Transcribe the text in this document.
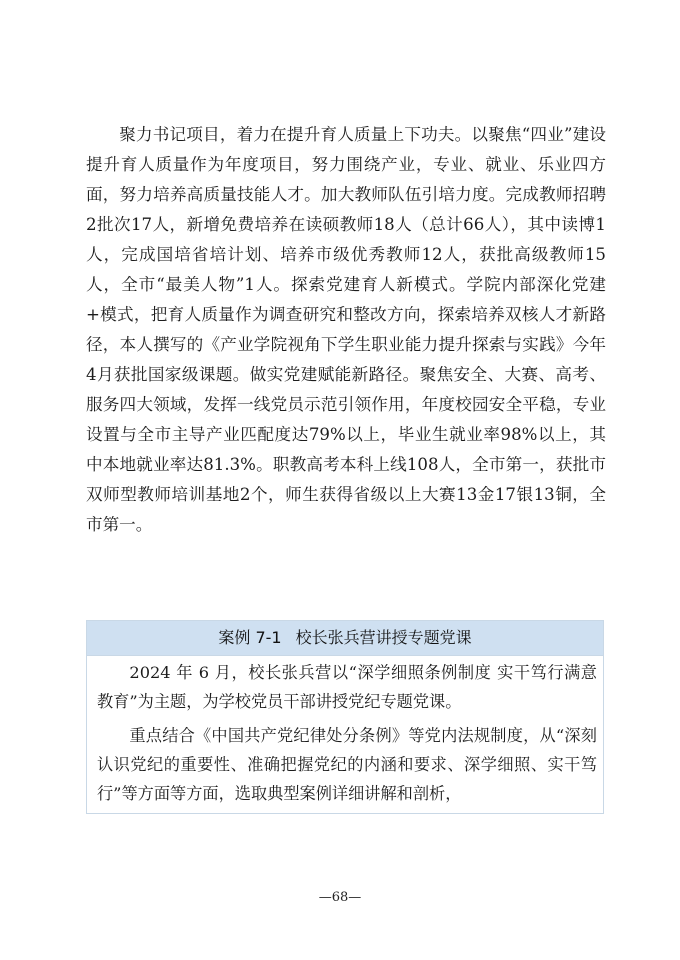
聚力书记项目，着力在提升育人质量上下功夫。以聚焦“四业”建设 提升育人质量作为年度项目，努力围绕产业，专业、就业、乐业四方面，努力培养高质量技能人才。加大教师队伍引培力度。完成教师招聘2批次17人，新增免费培养在读硕教师18人（总计66人），其中读博1人，完成国培省培计划、培养市级优秀教师12人，获批高级教师15人，全市“最美人物”1人。探索党建育人新模式。学院内部深化党建+模式，把育人质量作为调查研究和整改方向，探索培养双核人才新路径，本人撰写的《产业学院视角下学生职业能力提升探索与实践》今年4月获批国家级课题。做实党建赋能新路径。聚焦安全、大赛、高考、服务四大领域，发挥一线党员示范引领作用，年度校园安全平稳，专业设置与全市主导产业匹配度达79%以上，毕业生就业率98%以上，其中本地就业率达81.3%。职教高考本科上线108人，全市第一，获批市双师型教师培训基地2个，师生获得省级以上大赛13金17银13铜，全市第一。

案例 7-1 校长张兵营讲授专题党课

2024 年 6 月，校长张兵营以“深学细照条例制度 实干笃行满意教育”为主题，为学校党员干部讲授党纪专题党课。

重点结合《中国共产党纪律处分条例》等党内法规制度，从“深刻认识党纪的重要性、准确把握党纪的内涵和要求、深学细照、实干笃行”等方面等方面，选取典型案例详细讲解和剖析，

—68—
